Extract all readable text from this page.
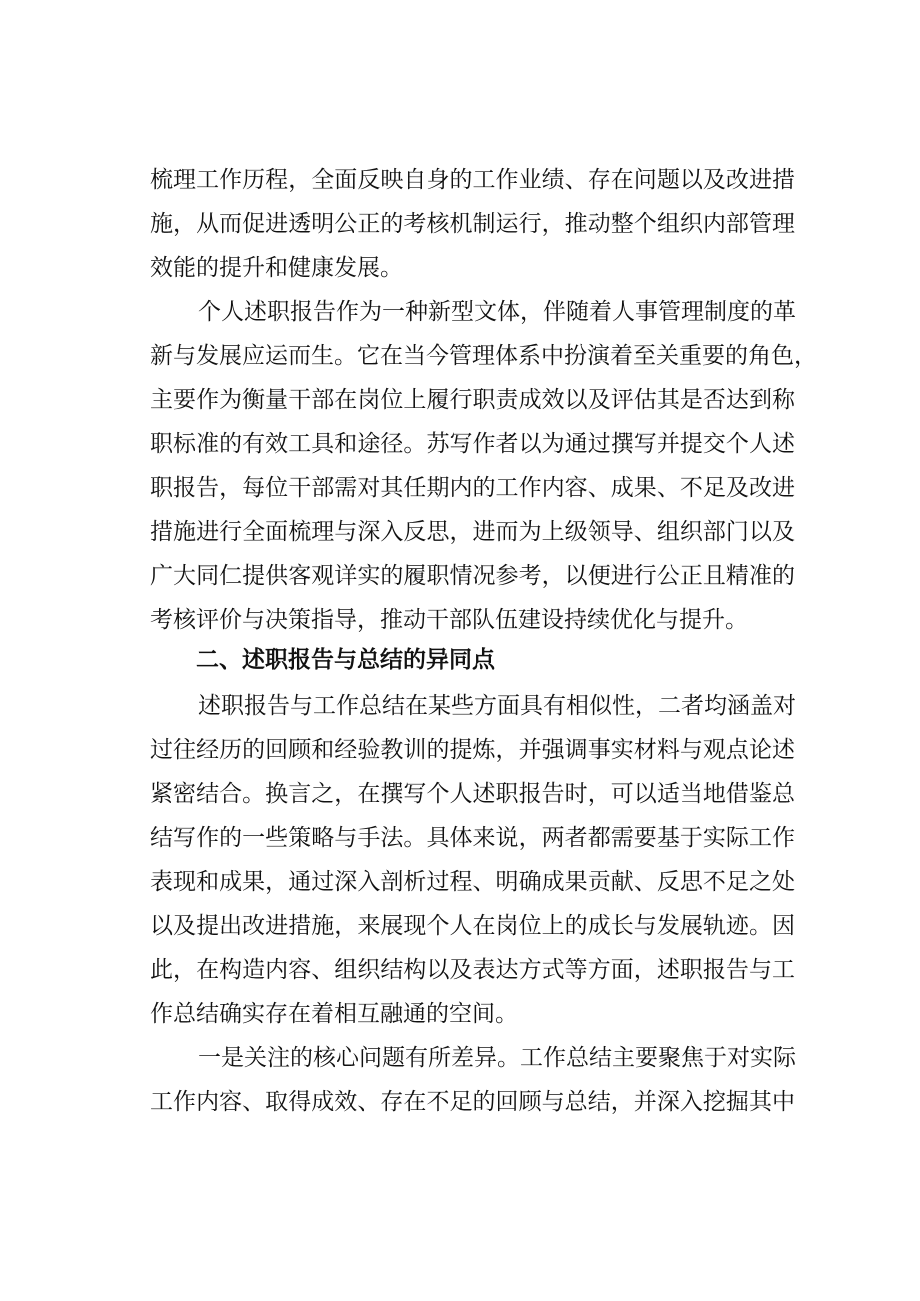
梳理工作历程，全面反映自身的工作业绩、存在问题以及改进措
施，从而促进透明公正的考核机制运行，推动整个组织内部管理
效能的提升和健康发展。
个人述职报告作为一种新型文体，伴随着人事管理制度的革
新与发展应运而生。它在当今管理体系中扮演着至关重要的角色，
主要作为衡量干部在岗位上履行职责成效以及评估其是否达到称
职标准的有效工具和途径。苏写作者以为通过撰写并提交个人述
职报告，每位干部需对其任期内的工作内容、成果、不足及改进
措施进行全面梳理与深入反思，进而为上级领导、组织部门以及
广大同仁提供客观详实的履职情况参考，以便进行公正且精准的
考核评价与决策指导，推动干部队伍建设持续优化与提升。
二、述职报告与总结的异同点
述职报告与工作总结在某些方面具有相似性，二者均涵盖对
过往经历的回顾和经验教训的提炼，并强调事实材料与观点论述
紧密结合。换言之，在撰写个人述职报告时，可以适当地借鉴总
结写作的一些策略与手法。具体来说，两者都需要基于实际工作
表现和成果，通过深入剖析过程、明确成果贡献、反思不足之处
以及提出改进措施，来展现个人在岗位上的成长与发展轨迹。因
此，在构造内容、组织结构以及表达方式等方面，述职报告与工
作总结确实存在着相互融通的空间。
一是关注的核心问题有所差异。工作总结主要聚焦于对实际
工作内容、取得成效、存在不足的回顾与总结，并深入挖掘其中
